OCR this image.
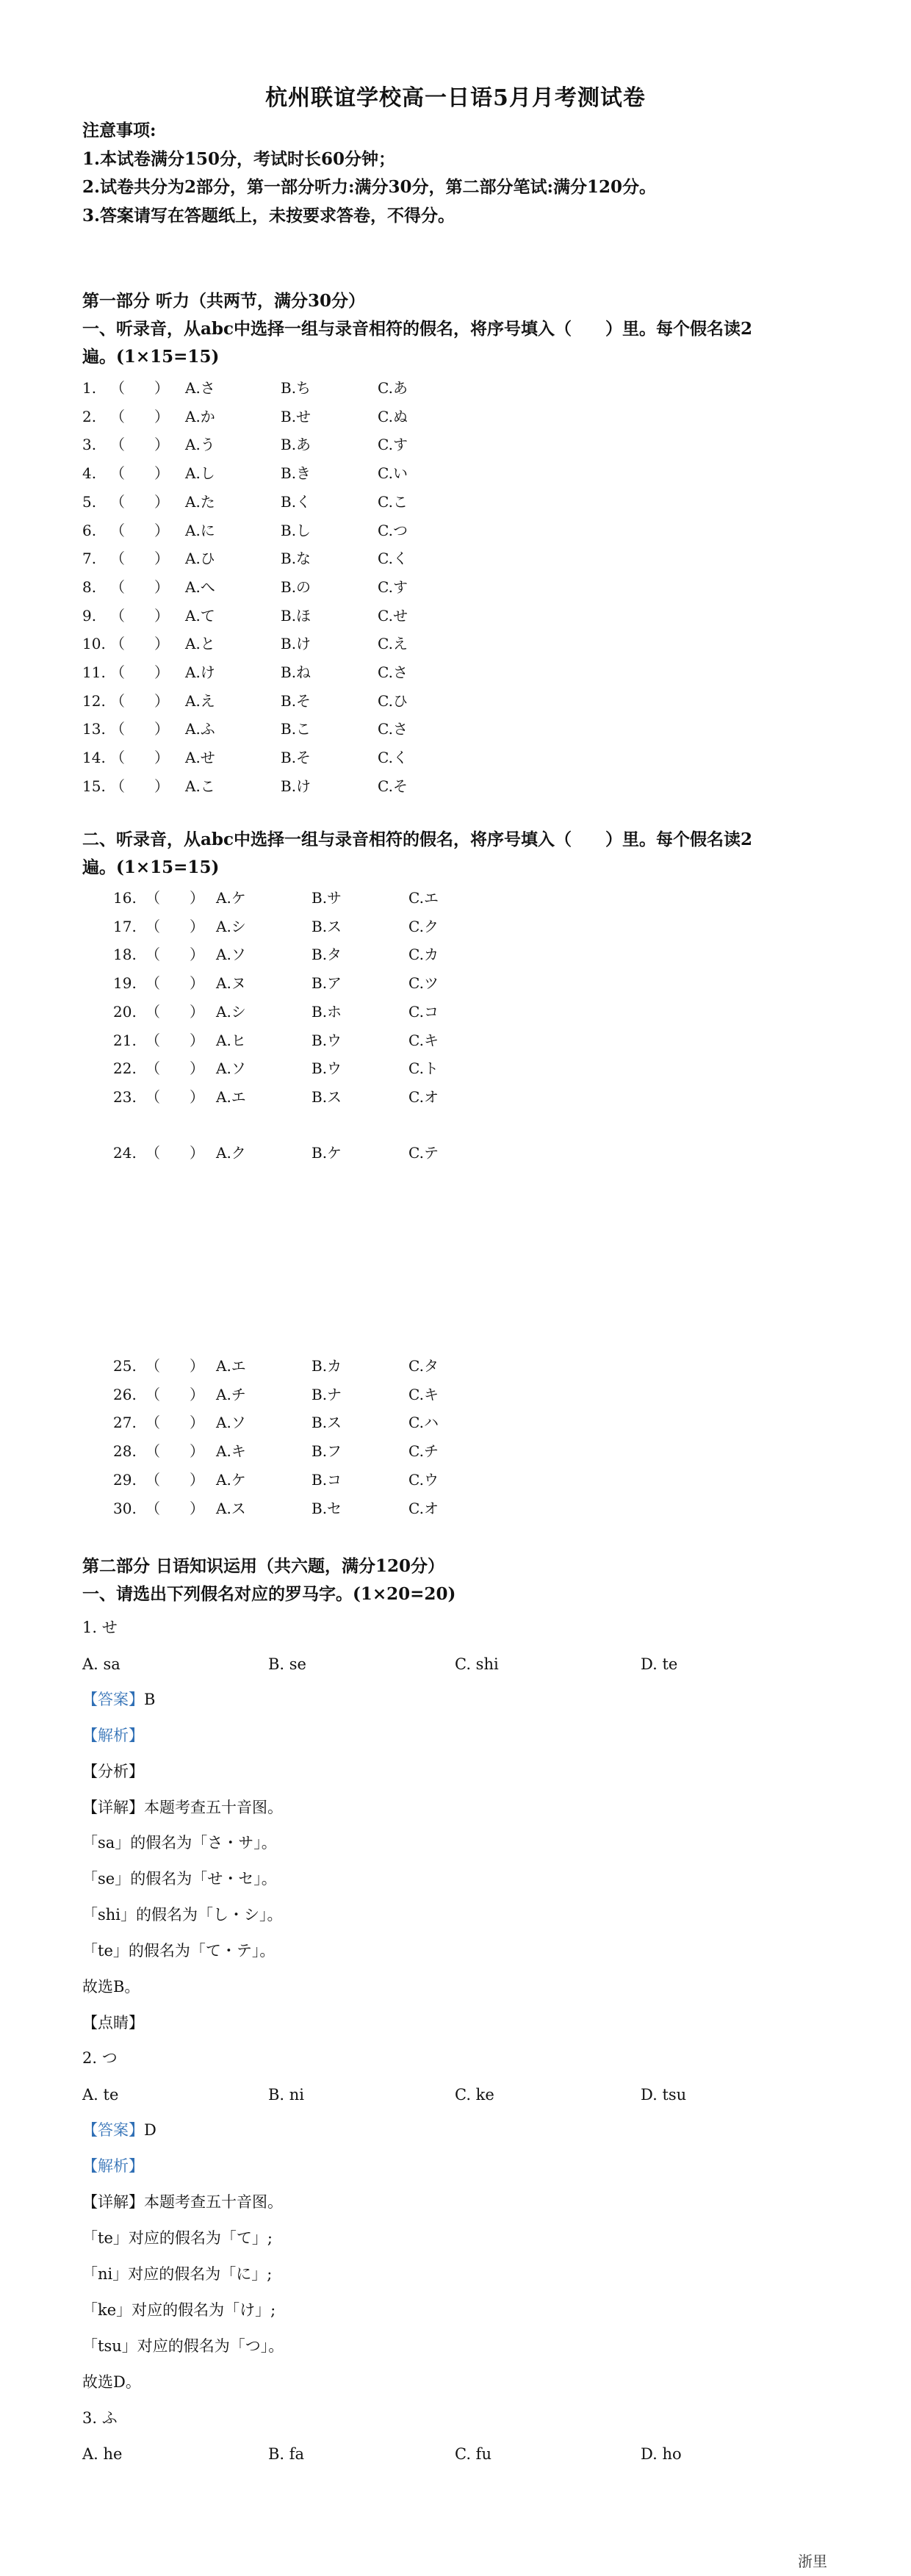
杭州联谊学校高一日语5月月考测试卷
注意事项:
1.本试卷满分150分，考试时长60分钟；
2.试卷共分为2部分，第一部分听力:满分30分，第二部分笔试:满分120分。
3.答案请写在答题纸上，未按要求答卷，不得分。
第一部分 听力（共两节，满分30分）
一、听录音，从abc中选择一组与录音相符的假名，将序号填入（　　）里。每个假名读2
遍。(1×15=15)
1. （　　） A.さ	B.ち	C.あ
2. （　　） A.か	B.せ	C.ぬ
3. （　　） A.う	B.あ	C.す
4. （　　） A.し	B.き	C.い
5. （　　） A.た	B.く	C.こ
6. （　　） A.に	B.し	C.つ
7. （　　） A.ひ	B.な	C.く
8. （　　） A.へ	B.の	C.す
9. （　　） A.て	B.ほ	C.せ
10. （　　） A.と	B.け	C.え
11. （　　） A.け	B.ね	C.さ
12. （　　） A.え	B.そ	C.ひ
13. （　　） A.ふ	B.こ	C.さ
14. （　　） A.せ	B.そ	C.く
15. （　　） A.こ	B.け	C.そ
二、听录音，从abc中选择一组与录音相符的假名，将序号填入（　　）里。每个假名读2
遍。(1×15=15)
16. （　　） A.ケ	B.サ	C.エ
17. （　　） A.シ	B.ス	C.ク
18. （　　） A.ソ	B.タ	C.カ
19. （　　） A.ヌ	B.ア	C.ツ
20. （　　） A.シ	B.ホ	C.コ
21. （　　） A.ヒ	B.ウ	C.キ
22. （　　） A.ソ	B.ウ	C.ト
23. （　　） A.エ	B.ス	C.オ
24. （　　） A.ク	B.ケ	C.テ
25. （　　） A.エ	B.カ	C.タ
26. （　　） A.チ	B.ナ	C.キ
27. （　　） A.ソ	B.ス	C.ハ
28. （　　） A.キ	B.フ	C.チ
29. （　　） A.ケ	B.コ	C.ウ
30. （　　） A.ス	B.セ	C.オ
第二部分 日语知识运用（共六题，满分120分）
一、请选出下列假名对应的罗马字。(1×20=20)
1. せ
A. sa	B. se	C. shi	D. te
【答案】B
【解析】
【分析】
【详解】本题考查五十音图。
「sa」的假名为「さ・サ」。
「se」的假名为「せ・セ」。
「shi」的假名为「し・シ」。
「te」的假名为「て・テ」。
故选B。
【点睛】
2. つ
A. te	B. ni	C. ke	D. tsu
【答案】D
【解析】
【详解】本题考查五十音图。
「te」对应的假名为「て」;
「ni」对应的假名为「に」;
「ke」对应的假名为「け」;
「tsu」对应的假名为「つ」。
故选D。
3. ふ
A. he	B. fa	C. fu	D. ho
浙里
